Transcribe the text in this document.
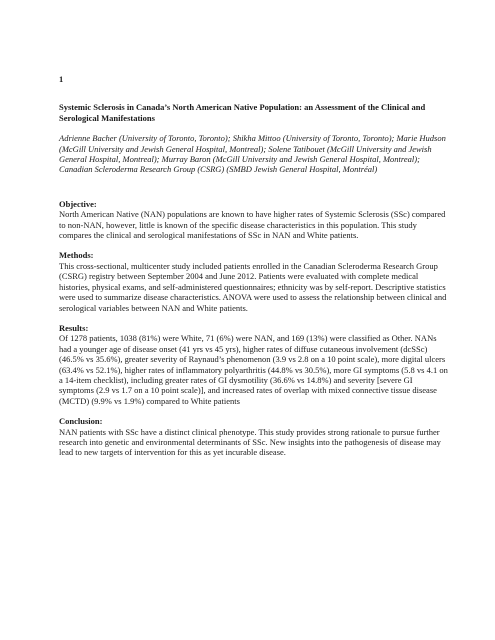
1

Systemic Sclerosis in Canada’s North American Native Population: an Assessment of the Clinical and Serological Manifestations

Adrienne Bacher (University of Toronto, Toronto); Shikha Mittoo (University of Toronto, Toronto); Marie Hudson (McGill University and Jewish General Hospital, Montreal); Solene Tatibouet (McGill University and Jewish General Hospital, Montreal); Murray Baron (McGill University and Jewish General Hospital, Montreal); Canadian Scleroderma Research Group (CSRG) (SMBD Jewish General Hospital, Montréal)

Objective:

North American Native (NAN) populations are known to have higher rates of Systemic Sclerosis (SSc) compared to non-NAN, however, little is known of the specific disease characteristics in this population. This study compares the clinical and serological manifestations of SSc in NAN and White patients.

Methods:

This cross-sectional, multicenter study included patients enrolled in the Canadian Scleroderma Research Group (CSRG) registry between September 2004 and June 2012. Patients were evaluated with complete medical histories, physical exams, and self-administered questionnaires; ethnicity was by self-report. Descriptive statistics were used to summarize disease characteristics. ANOVA were used to assess the relationship between clinical and serological variables between NAN and White patients.

Results:

Of 1278 patients, 1038 (81%) were White, 71 (6%) were NAN, and 169 (13%) were classified as Other. NANs had a younger age of disease onset (41 yrs vs 45 yrs), higher rates of diffuse cutaneous involvement (dcSSc) (46.5% vs 35.6%), greater severity of Raynaud’s phenomenon (3.9 vs 2.8 on a 10 point scale), more digital ulcers (63.4% vs 52.1%), higher rates of inflammatory polyarthritis (44.8% vs 30.5%), more GI symptoms (5.8 vs 4.1 on a 14-item checklist), including greater rates of GI dysmotility (36.6% vs 14.8%) and severity [severe GI symptoms (2.9 vs 1.7 on a 10 point scale)], and increased rates of overlap with mixed connective tissue disease (MCTD) (9.9% vs 1.9%) compared to White patients

Conclusion:

NAN patients with SSc have a distinct clinical phenotype. This study provides strong rationale to pursue further research into genetic and environmental determinants of SSc. New insights into the pathogenesis of disease may lead to new targets of intervention for this as yet incurable disease.
